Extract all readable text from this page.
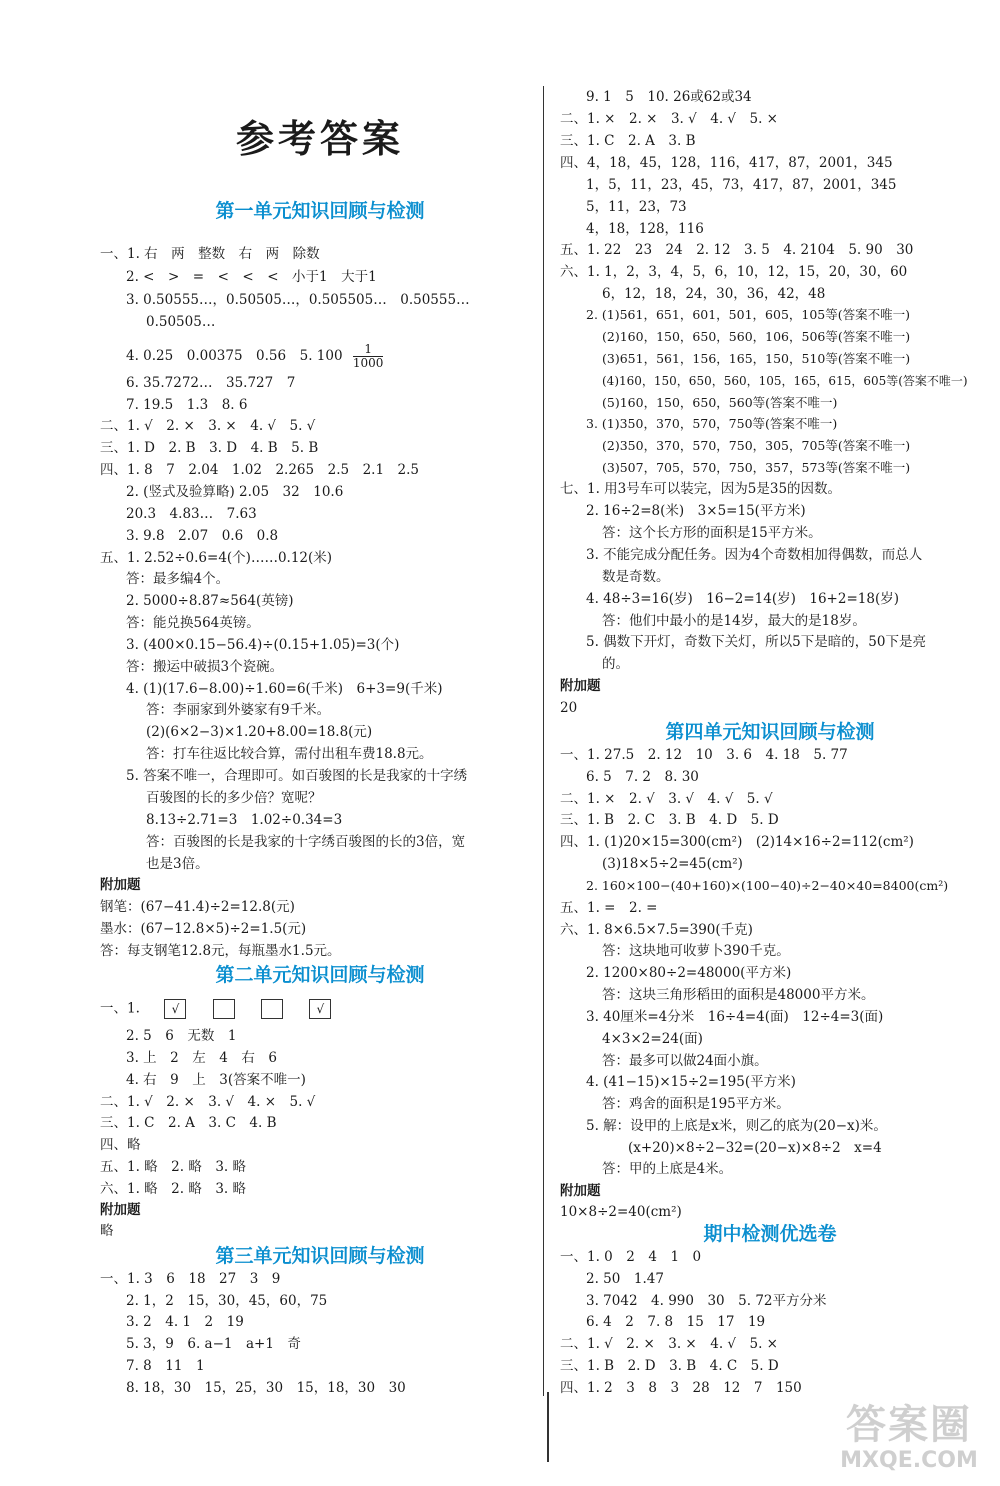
参考答案
第一单元知识回顾与检测
一、1. 右　两　整数　右　两　除数
2. <　>　=　<　<　<　小于1　大于1
3. 0.50555…，0.50505…，0.505505…　0.50555…
0.50505…
4. 0.25　0.00375　0.56　5. $100 \frac{1}{1000}$
6. 35.7272…　35.727　7
7. 19.5　1.3　8. 6
二、1. √　2. ×　3. ×　4. √　5. √
三、1. D　2. B　3. D　4. B　5. B
四、1. 8　7　2.04　1.02　2.265　2.5　2.1　2.5
2. (竖式及验算略) 2.05　32　10.6
20.3　4.83…　7.63
3. 9.8　2.07　0.6　0.8
五、1. 2.52÷0.6=4(个)……0.12(米)
答：最多编4个。
2. 5000÷8.87≈564(英镑)
答：能兑换564英镑。
3. (400×0.15−56.4)÷(0.15+1.05)=3(个)
答：搬运中破损3个瓷碗。
4. (1)(17.6−8.00)÷1.60=6(千米)　6+3=9(千米)
答：李丽家到外婆家有9千米。
(2)(6×2−3)×1.20+8.00=18.8(元)
答：打车往返比较合算，需付出租车费18.8元。
5. 答案不唯一，合理即可。如百骏图的长是我家的十字绣
百骏图的长的多少倍？宽呢？
8.13÷2.71=3　1.02÷0.34=3
答：百骏图的长是我家的十字绣百骏图的长的3倍，宽
也是3倍。
附加题
钢笔：(67−41.4)÷2=12.8(元)
墨水：(67−12.8×5)÷2=1.5(元)
答：每支钢笔12.8元，每瓶墨水1.5元。
第二单元知识回顾与检测
一、1.	√	√
2. 5　6　无数　1
3. 上　2　左　4　右　6
4. 右　9　上　3(答案不唯一)
二、1. √　2. ×　3. √　4. ×　5. √
三、1. C　2. A　3. C　4. B
四、略
五、1. 略　2. 略　3. 略
六、1. 略　2. 略　3. 略
附加题
略
第三单元知识回顾与检测
一、1. 3　6　18　27　3　9
2. 1，2　15，30，45，60，75
3. 2　4. 1　2　19
5. 3，9　6. a−1　a+1　奇
7. 8　11　1
8. 18，30　15，25，30　15，18，30　30
9. 1　5　10. 26或62或34
二、1. ×　2. ×　3. √　4. √　5. ×
三、1. C　2. A　3. B
四、4，18，45，128，116，417，87，2001，345
1，5，11，23，45，73，417，87，2001，345
5，11，23，73
4，18，128，116
五、1. 22　23　24　2. 12　3. 5　4. 2104　5. 90　30
六、1. 1，2，3，4，5，6，10，12，15，20，30，60
6，12，18，24，30，36，42，48
2. (1)561，651，601，501，605，105等(答案不唯一)
(2)160，150，650，560，106，506等(答案不唯一)
(3)651，561，156，165，150，510等(答案不唯一)
(4)160，150，650，560，105，165，615，605等(答案不唯一)
(5)160，150，650，560等(答案不唯一)
3. (1)350，370，570，750等(答案不唯一)
(2)350，370，570，750，305，705等(答案不唯一)
(3)507，705，570，750，357，573等(答案不唯一)
七、1. 用3号车可以装完，因为5是35的因数。
2. 16÷2=8(米)　3×5=15(平方米)
答：这个长方形的面积是15平方米。
3. 不能完成分配任务。因为4个奇数相加得偶数，而总人
数是奇数。
4. 48÷3=16(岁)　16−2=14(岁)　16+2=18(岁)
答：他们中最小的是14岁，最大的是18岁。
5. 偶数下开灯，奇数下关灯，所以5下是暗的，50下是亮
的。
附加题
20
第四单元知识回顾与检测
一、1. 27.5　2. 12　10　3. 6　4. 18　5. 77
6. 5　7. 2　8. 30
二、1. ×　2. √　3. √　4. √　5. √
三、1. B　2. C　3. B　4. D　5. D
四、1. (1)20×15=300(cm²)　(2)14×16÷2=112(cm²)
(3)18×5÷2=45(cm²)
2. 160×100−(40+160)×(100−40)÷2−40×40=8400(cm²)
五、1. =　2. =
六、1. 8×6.5×7.5=390(千克)
答：这块地可收萝卜390千克。
2. 1200×80÷2=48000(平方米)
答：这块三角形稻田的面积是48000平方米。
3. 40厘米=4分米　16÷4=4(面)　12÷4=3(面)
4×3×2=24(面)
答：最多可以做24面小旗。
4. (41−15)×15÷2=195(平方米)
答：鸡舍的面积是195平方米。
5. 解：设甲的上底是x米，则乙的底为(20−x)米。
(x+20)×8÷2−32=(20−x)×8÷2　x=4
答：甲的上底是4米。
附加题
10×8÷2=40(cm²)
期中检测优选卷
一、1. 0　2　4　1　0
2. 50　1.47
3. 7042　4. 990　30　5. 72平方分米
6. 4　2　7. 8　15　17　19
二、1. √　2. ×　3. ×　4. √　5. ×
三、1. B　2. D　3. B　4. C　5. D
四、1. 2　3　8　3　28　12　7　150
答案圈
MXQE.COM
